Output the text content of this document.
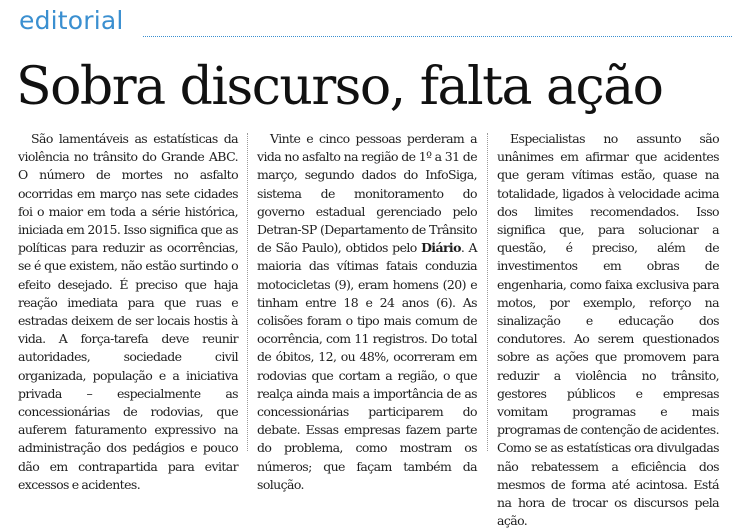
editorial
Sobra discurso, falta ação

São lamentáveis as estatísticas da violência no trânsito do Grande ABC. O número de mortes no asfalto ocorridas em março nas sete cidades foi o maior em toda a série histórica, iniciada em 2015. Isso significa que as políticas para reduzir as ocorrências, se é que existem, não estão surtindo o efeito desejado. É preciso que haja reação imediata para que ruas e estradas deixem de ser locais hostis à vida. A força-tarefa deve reunir autoridades, sociedade civil organizada, população e a iniciativa privada – especialmente as concessionárias de rodovias, que auferem faturamento expressivo na administração dos pedágios e pouco dão em contrapartida para evitar excessos e acidentes.

Vinte e cinco pessoas perderam a vida no asfalto na região de 1º a 31 de março, segundo dados do InfoSiga, sistema de monitoramento do governo estadual gerenciado pelo Detran-SP (Departamento de Trânsito de São Paulo), obtidos pelo Diário. A maioria das vítimas fatais conduzia motocicletas (9), eram homens (20) e tinham entre 18 e 24 anos (6). As colisões foram o tipo mais comum de ocorrência, com 11 registros. Do total de óbitos, 12, ou 48%, ocorreram em rodovias que cortam a região, o que realça ainda mais a importância de as concessionárias participarem do debate. Essas empresas fazem parte do problema, como mostram os números; que façam também da solução.

Especialistas no assunto são unânimes em afirmar que acidentes que geram vítimas estão, quase na totalidade, ligados à velocidade acima dos limites recomendados. Isso significa que, para solucionar a questão, é preciso, além de investimentos em obras de engenharia, como faixa exclusiva para motos, por exemplo, reforço na sinalização e educação dos condutores. Ao serem questionados sobre as ações que promovem para reduzir a violência no trânsito, gestores públicos e empresas vomitam programas e mais programas de contenção de acidentes. Como se as estatísticas ora divulgadas não rebatessem a eficiência dos mesmos de forma até acintosa. Está na hora de trocar os discursos pela ação.
